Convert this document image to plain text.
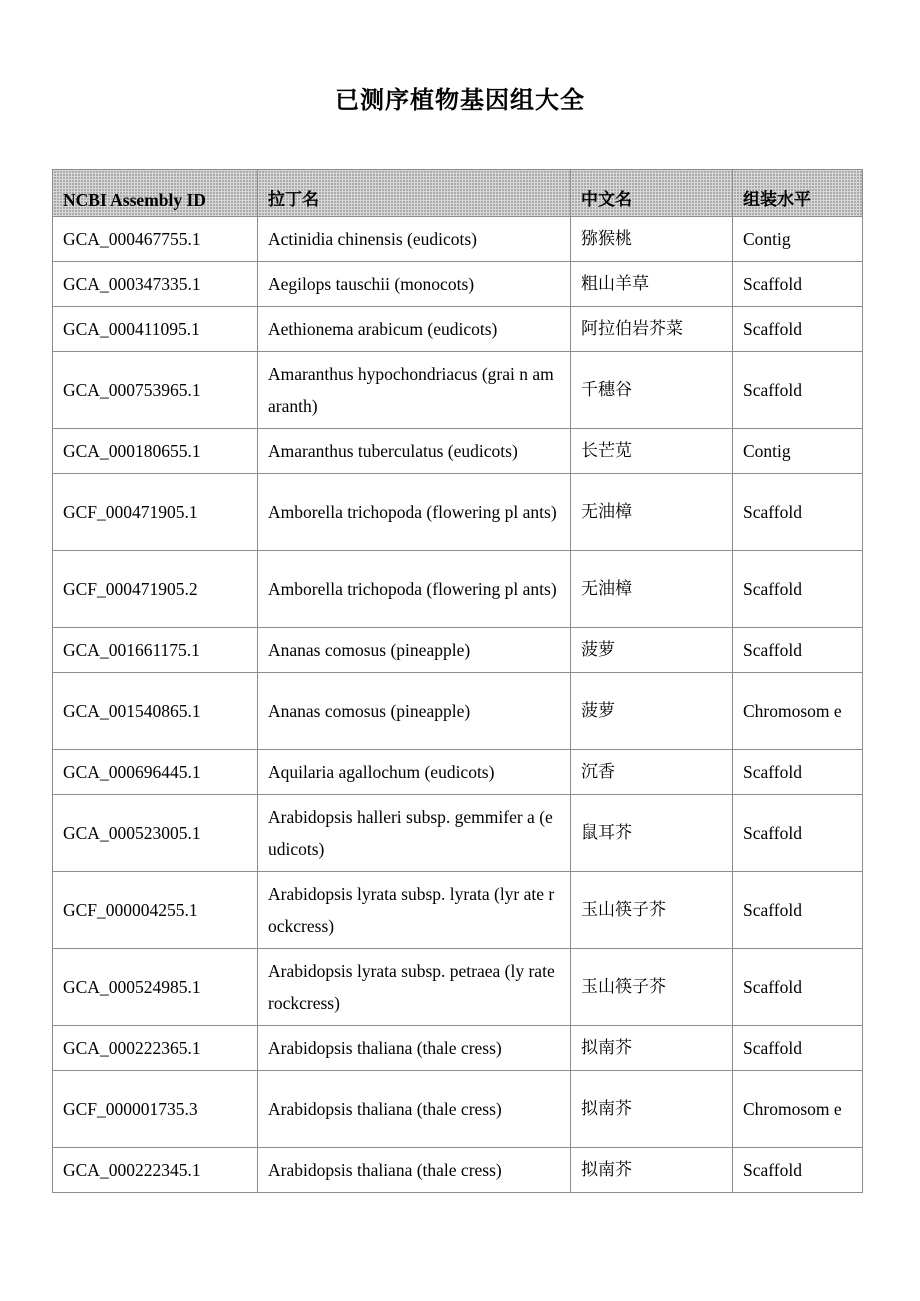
已测序植物基因组大全
NCBI Assembly ID	拉丁名	中文名	组装水平
GCA_000467755.1	Actinidia chinensis (eudicots)	猕猴桃	Contig
GCA_000347335.1	Aegilops tauschii (monocots)	粗山羊草	Scaffold
GCA_000411095.1	Aethionema arabicum (eudicots)	阿拉伯岩芥菜	Scaffold
GCA_000753965.1	Amaranthus hypochondriacus (grai n amaranth)	千穗谷	Scaffold
GCA_000180655.1	Amaranthus tuberculatus (eudicots)	长芒苋	Contig
GCF_000471905.1	Amborella trichopoda (flowering pl ants)	无油樟	Scaffold
GCF_000471905.2	Amborella trichopoda (flowering pl ants)	无油樟	Scaffold
GCA_001661175.1	Ananas comosus (pineapple)	菠萝	Scaffold
GCA_001540865.1	Ananas comosus (pineapple)	菠萝	Chromosom e
GCA_000696445.1	Aquilaria agallochum (eudicots)	沉香	Scaffold
GCA_000523005.1	Arabidopsis halleri subsp. gemmifer a (eudicots)	鼠耳芥	Scaffold
GCF_000004255.1	Arabidopsis lyrata subsp. lyrata (lyr ate rockcress)	玉山筷子芥	Scaffold
GCA_000524985.1	Arabidopsis lyrata subsp. petraea (ly rate rockcress)	玉山筷子芥	Scaffold
GCA_000222365.1	Arabidopsis thaliana (thale cress)	拟南芥	Scaffold
GCF_000001735.3	Arabidopsis thaliana (thale cress)	拟南芥	Chromosom e
GCA_000222345.1	Arabidopsis thaliana (thale cress)	拟南芥	Scaffold
